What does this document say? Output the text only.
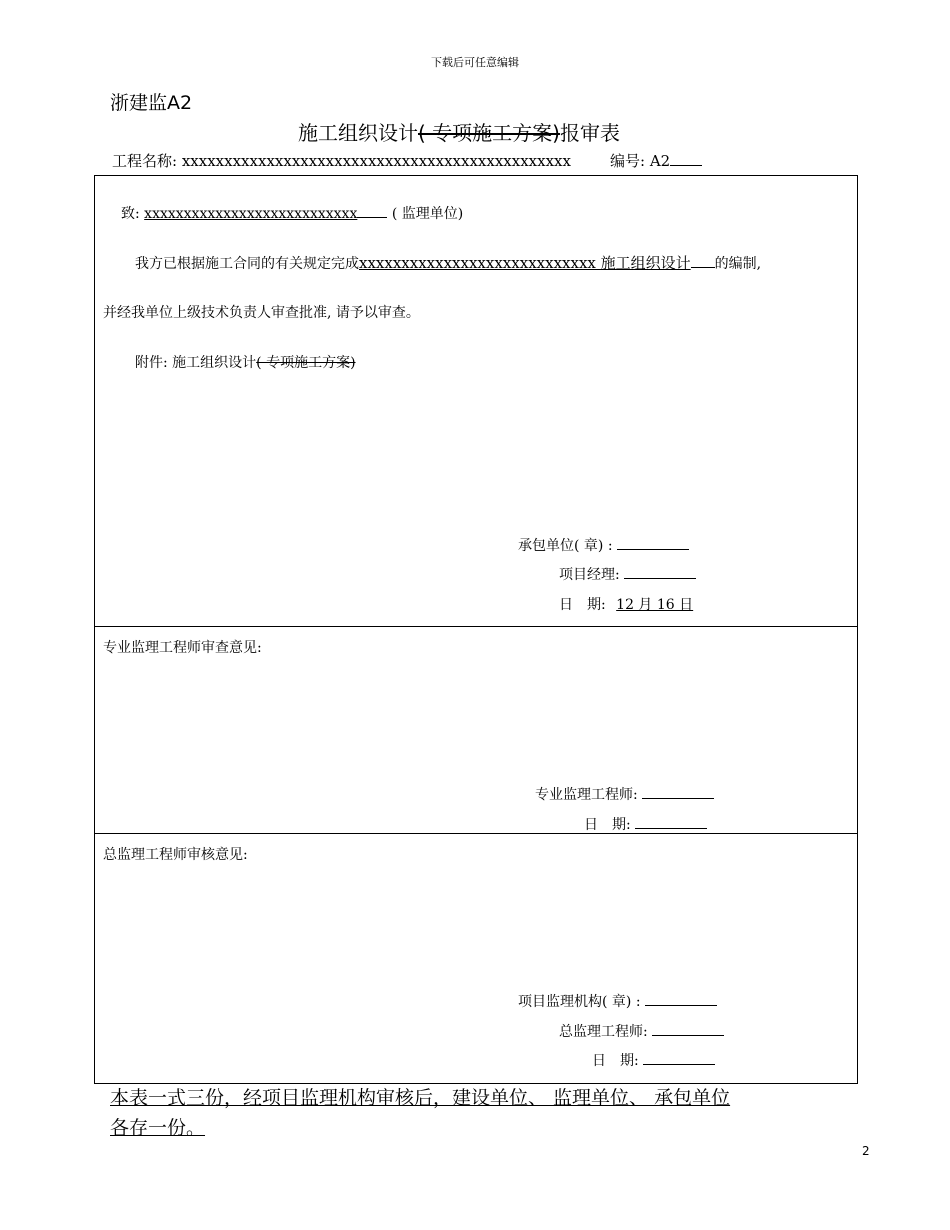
下载后可任意编辑
浙建监A2
施工组织设计( 专项施工方案)报审表
工程名称: xxxxxxxxxxxxxxxxxxxxxxxxxxxxxxxxxxxxxxxxxxxxxx	编号: A2
致: xxxxxxxxxxxxxxxxxxxxxxxxxxx ( 监理单位)
我方已根据施工合同的有关规定完成xxxxxxxxxxxxxxxxxxxxxxxxxxxx 施工组织设计 的编制,
并经我单位上级技术负责人审查批准, 请予以审查。
附件: 施工组织设计( 专项施工方案)
承包单位( 章) :
项目经理:
日　期: 12 月 16 日
专业监理工程师审查意见:
专业监理工程师:
日　期:
总监理工程师审核意见:
项目监理机构( 章) :
总监理工程师:
日　期:
本表一式三份，经项目监理机构审核后，建设单位、 监理单位、 承包单位
各存一份。
2
